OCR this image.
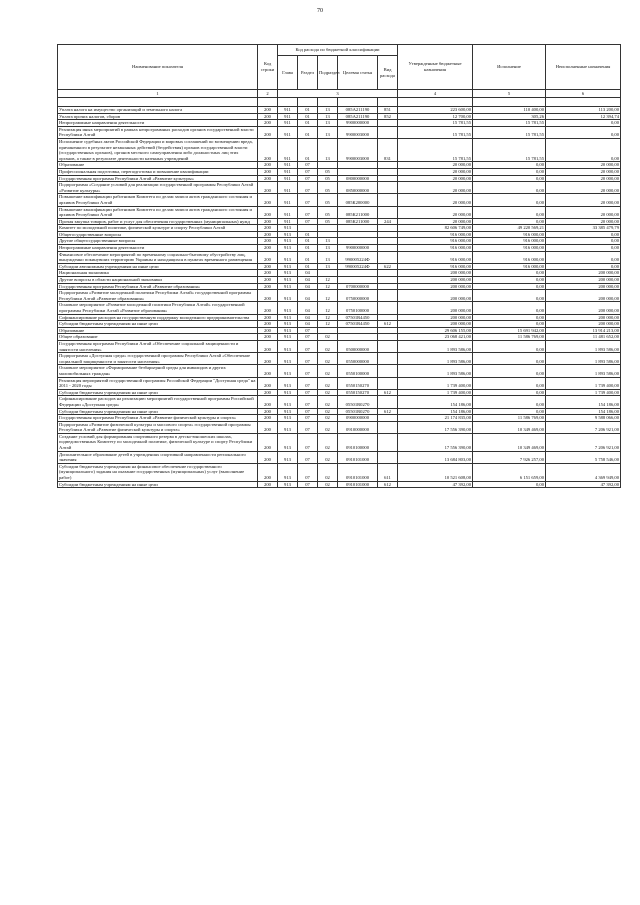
70
Наименование показателя	Код строки	Код расхода по бюджетной классификации					Утвержденные бюджетные назначения	Исполнение	Неисполненные назначения
		Глава	Раздел	Подраздел	Целевая статья	Вид расхода			
1	2	3					4	5	6

Уплата налога на имущество организаций и земельного налога	200	911	01	13	085А211190	851	223 600,00	110 400,00	113 200,00
Уплата прочих налогов, сборов	200	911	01	13	085А211190	852	12 700,00	305,26	12 394,74
Непрограммные направления деятельности	200	911	01	13	9900000000		15 781,55	15 781,55	0,00
Реализация иных мероприятий в рамках непрограммных расходов органов государственной власти Республики Алтай	200	911	01	13	9900003000		15 781,55	15 781,55	0,00
Исполнение судебных актов Российской Федерации и мировых соглашений по возмещению вреда, причиненного в результате незаконных действий (бездействия) органов государственной власти (государственных органов), органов местного самоуправления либо должностных лиц этих органов, а также в результате деятельности казенных учреждений	200	911	01	13	9900003000	831	15 781,55	15 781,55	0,00
Образование	200	911	07				20 000,00	0,00	20 000,00
Профессиональная подготовка, переподготовка и повышение квалификации	200	911	07	05			20 000,00	0,00	20 000,00
Государственная программа Республики Алтай «Развитие культуры»	200	911	07	05	0800000000		20 000,00	0,00	20 000,00
Подпрограмма «Создание условий для реализации государственной программы Республики Алтай «Развитие культуры»	200	911	07	05	0850000000		20 000,00	0,00	20 000,00
Повышение квалификации работников Комитета по делам записи актов гражданского состояния и архивов Республики Алтай	200	911	07	05	085К200000		20 000,00	0,00	20 000,00
Повышение квалификации работников Комитета по делам записи актов гражданского состояния и архивов Республики Алтай	200	911	07	05	085К211000		20 000,00	0,00	20 000,00
Прочая закупка товаров, работ и услуг для обеспечения государственных (муниципальных) нужд	200	911	07	05	085К211000	244	20 000,00	0,00	20 000,00
Комитет по молодежной политике, физической культуре и спорту Республики Алтай	200	913					82 606 749,00	49 220 569,21	33 385 479,79
Общегосударственные вопросы	200	913	01				916 000,00	916 000,00	0,00
Другие общегосударственные вопросы	200	913	01	13			916 000,00	916 000,00	0,00
Непрограммные направления деятельности	200	913	01	13	9900000000		916 000,00	916 000,00	0,00
Финансовое обеспечение мероприятий по временному социально-бытовому обустройству лиц, вынужденно покинувших территорию Украины и находящихся в пунктах временного размещения	200	913	01	13	990005224Ф		916 000,00	916 000,00	0,00
Субсидии автономным учреждениям на иные цели	200	913	01	13	990005224Ф	622	916 000,00	916 000,00	0,00
Национальная экономика	200	913	04				200 000,00	0,00	200 000,00
Другие вопросы в области национальной экономики	200	913	04	12			200 000,00	0,00	200 000,00
Государственная программа Республики Алтай «Развитие образования»	200	913	04	12	0700000000		200 000,00	0,00	200 000,00
Подпрограмма «Развитие молодежной политики Республики Алтай» государственной программы Республики Алтай «Развитие образования»	200	913	04	12	0750000000		200 000,00	0,00	200 000,00
Основное мероприятие «Развитие молодежной политики Республики Алтай» государственной программы Республики Алтай «Развитие образования»	200	913	04	12	0750100000		200 000,00	0,00	200 000,00
Софинансирование расходов на государственную поддержку молодежного предпринимательства	200	913	04	12	07501R4450		200 000,00	0,00	200 000,00
Субсидии бюджетным учреждениям на иные цели	200	913	04	12	07501R4450	612	200 000,00	0,00	200 000,00
Образование	200	913	07				29 606 155,00	15 691 942,00	13 914 213,00
Общее образование	200	913	07	02			23 068 421,00	11 586 769,00	11 481 652,00
Государственная программа Республики Алтай «Обеспечение социальной защищенности и занятости населения»	200	913	07	02	0500000000		1 893 586,00	0,00	1 893 586,00
Подпрограмма «Доступная среда» государственной программы Республики Алтай «Обеспечение социальной защищенности и занятости населения»	200	913	07	02	0550000000		1 893 586,00	0,00	1 893 586,00
Основное мероприятие «Формирование безбарьерной среды для инвалидов и других маломобильных граждан»	200	913	07	02	0550100000		1 893 586,00	0,00	1 893 586,00
Реализация мероприятий государственной программы Российской Федерации "Доступная среда" на 2011 - 2020 годы	200	913	07	02	0550150270		1 739 400,00	0,00	1 739 400,00
Субсидии бюджетным учреждениям на иные цели	200	913	07	02	0550150270	612	1 739 400,00	0,00	1 739 400,00
Софинансирование расходов на реализацию мероприятий государственной программы Российской Федерации «Доступная среда»	200	913	07	02	05501R0270		154 186,00	0,00	154 186,00
Субсидии бюджетным учреждениям на иные цели	200	913	07	02	05501R0270	612	154 186,00	0,00	154 186,00
Государственная программа Республики Алтай «Развитие физической культуры и спорта»	200	913	07	02	0900000000		21 174 835,00	11 586 769,00	9 588 066,00
Подпрограмма «Развитие физической культуры и массового спорта» государственной программы Республики Алтай «Развитие физической культуры и спорта»	200	913	07	02	0910000000		17 556 390,00	10 349 469,00	7 206 921,00
Создание условий для формирования спортивного резерва в детско-юношеских школах, подведомственных Комитету по молодежной политике, физической культуре и спорту Республики Алтай	200	913	07	02	0910100000		17 556 390,00	10 349 469,00	7 206 921,00
Дополнительное образование детей в учреждениях спортивной направленности регионального значения	200	913	07	02	0910101000		13 684 803,00	7 926 257,00	5 758 546,00
Субсидии бюджетным учреждениям на финансовое обеспечение государственного (муниципального) задания на оказание государственных (муниципальных) услуг (выполнение работ)	200	913	07	02	0910101000	611	10 521 608,00	6 151 659,00	4 369 949,00
Субсидии бюджетным учреждениям на иные цели	200	913	07	02	0910101000	612	47 392,00	0,00	47 392,00
